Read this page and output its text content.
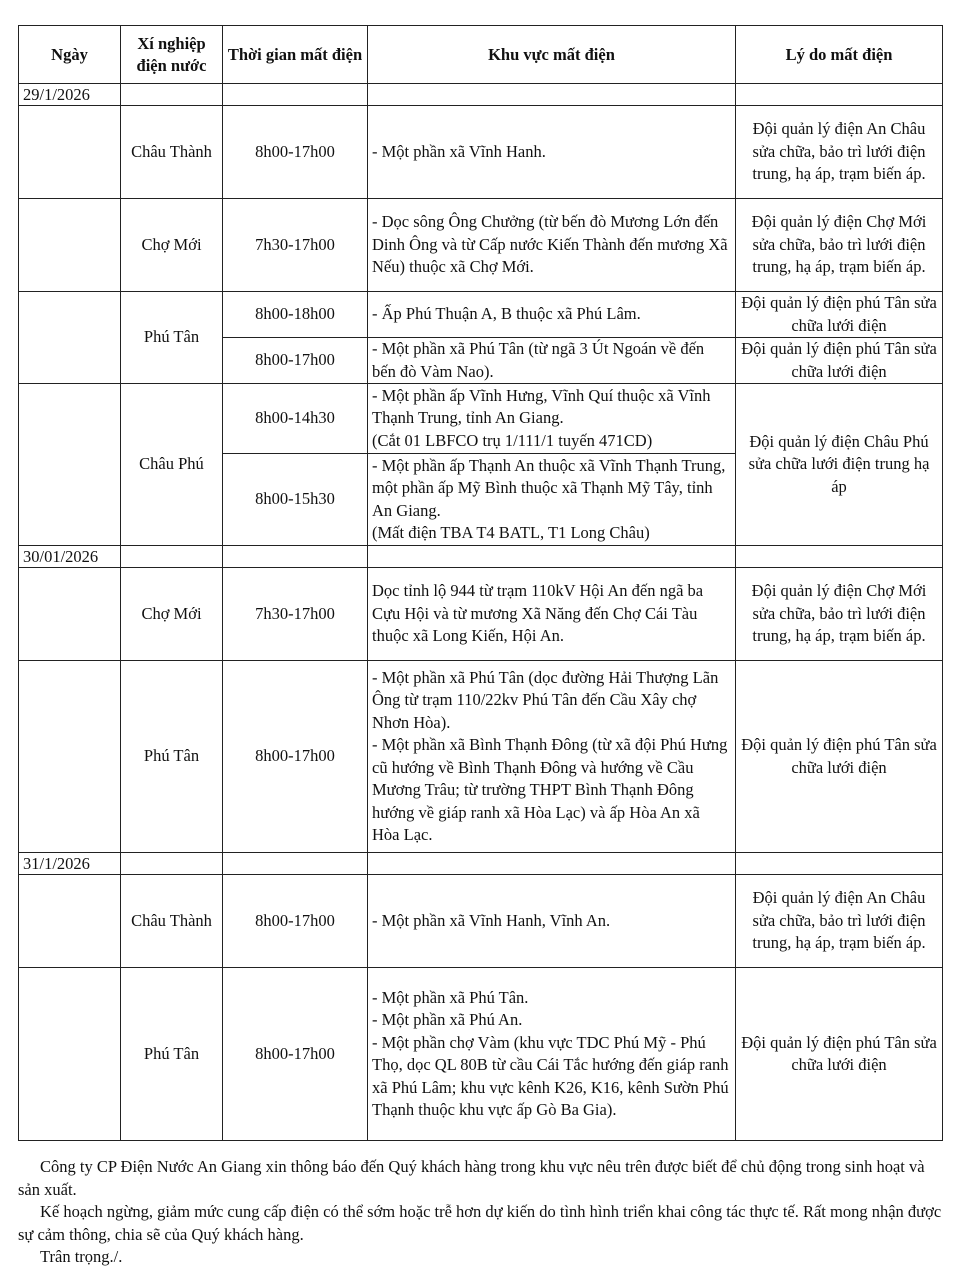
Ngày	Xí nghiệp điện nước	Thời gian mất điện	Khu vực mất điện	Lý do mất điện
29/1/2026				
	Châu Thành	8h00-17h00	- Một phần xã Vĩnh Hanh.	Đội quản lý điện An Châu sửa chữa, bảo trì lưới điện trung, hạ áp, trạm biến áp.
	Chợ Mới	7h30-17h00	- Dọc sông Ông Chưởng (từ bến đò Mương Lớn đến Dinh Ông và từ Cấp nước Kiến Thành đến mương Xã Nếu) thuộc xã Chợ Mới.	Đội quản lý điện Chợ Mới sửa chữa, bảo trì lưới điện trung, hạ áp, trạm biến áp.
	Phú Tân	8h00-18h00	- Ấp Phú Thuận A, B thuộc xã Phú Lâm.	Đội quản lý điện phú Tân sửa chữa lưới điện
		8h00-17h00	- Một phần xã Phú Tân (từ ngã 3 Út Ngoán về đến bến đò Vàm Nao).	Đội quản lý điện phú Tân sửa chữa lưới điện
	Châu Phú	8h00-14h30	- Một phần ấp Vĩnh Hưng, Vĩnh Quí thuộc xã Vĩnh Thạnh Trung, tỉnh An Giang.
(Cắt 01 LBFCO trụ 1/111/1 tuyến 471CD)	Đội quản lý điện Châu Phú sửa chữa lưới điện trung hạ áp
		8h00-15h30	- Một phần ấp Thạnh An thuộc xã Vĩnh Thạnh Trung, một phần ấp Mỹ Bình thuộc xã Thạnh Mỹ Tây, tỉnh An Giang.
(Mất điện TBA T4 BATL, T1 Long Châu)	
30/01/2026				
	Chợ Mới	7h30-17h00	Dọc tỉnh lộ 944 từ trạm 110kV Hội An đến ngã ba Cựu Hội và từ mương Xã Năng đến Chợ Cái Tàu thuộc xã Long Kiến, Hội An.	Đội quản lý điện Chợ Mới sửa chữa, bảo trì lưới điện trung, hạ áp, trạm biến áp.
	Phú Tân	8h00-17h00	- Một phần xã Phú Tân (dọc đường Hải Thượng Lãn Ông từ trạm 110/22kv Phú Tân đến Cầu Xây chợ Nhơn Hòa).
- Một phần xã Bình Thạnh Đông (từ xã đội Phú Hưng cũ hướng về Bình Thạnh Đông và hướng về Cầu Mương Trâu; từ trường THPT Bình Thạnh Đông hướng về giáp ranh xã Hòa Lạc) và ấp Hòa An xã Hòa Lạc.	Đội quản lý điện phú Tân sửa chữa lưới điện
31/1/2026				
	Châu Thành	8h00-17h00	- Một phần xã Vĩnh Hanh, Vĩnh An.	Đội quản lý điện An Châu sửa chữa, bảo trì lưới điện trung, hạ áp, trạm biến áp.
	Phú Tân	8h00-17h00	- Một phần xã Phú Tân.
- Một phần xã Phú An.
- Một phần chợ Vàm (khu vực TDC Phú Mỹ - Phú Thọ, dọc QL 80B từ cầu Cái Tắc hướng đến giáp ranh xã Phú Lâm; khu vực kênh K26, K16, kênh Sườn Phú Thạnh thuộc khu vực ấp Gò Ba Gia).	Đội quản lý điện phú Tân sửa chữa lưới điện

Công ty CP Điện Nước An Giang xin thông báo đến Quý khách hàng trong khu vực nêu trên được biết để chủ động trong sinh hoạt và sản xuất.

Kế hoạch ngừng, giảm mức cung cấp điện có thể sớm hoặc trễ hơn dự kiến do tình hình triển khai công tác thực tế. Rất mong nhận được sự cảm thông, chia sẽ của Quý khách hàng.

Trân trọng./.
